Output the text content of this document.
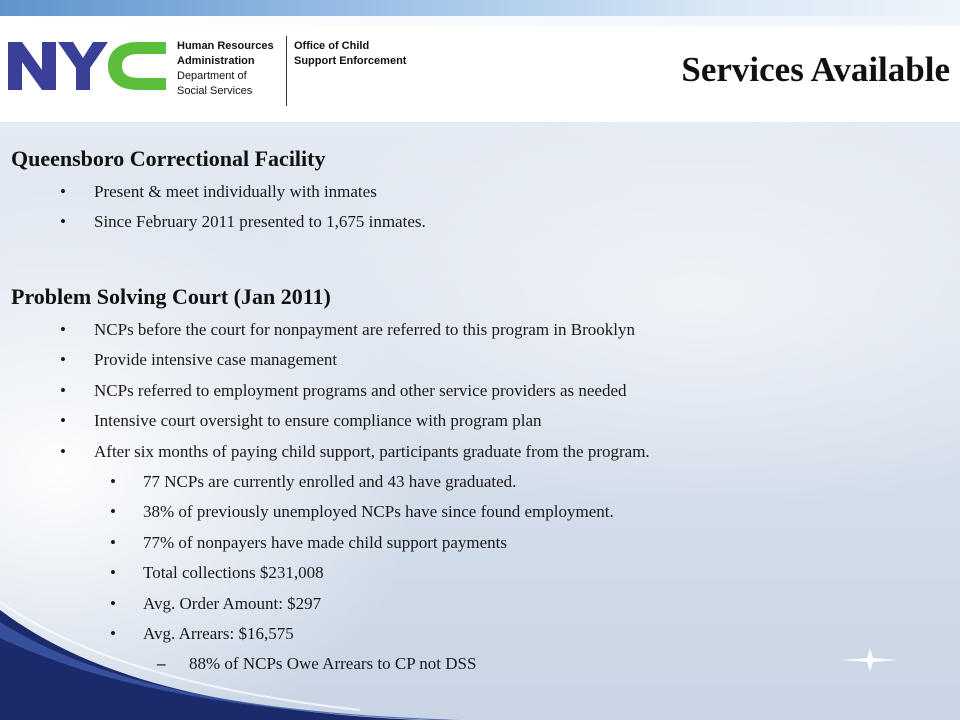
Human Resources
Administration
Department of
Social Services
Office of Child
Support Enforcement	Services Available
Queensboro Correctional Facility
• Present & meet individually with inmates
• Since February 2011 presented to 1,675 inmates.
Problem Solving Court (Jan 2011)
• NCPs before the court for nonpayment are referred to this program in Brooklyn
• Provide intensive case management
• NCPs referred to employment programs and other service providers as needed
• Intensive court oversight to ensure compliance with program plan
• After six months of paying child support, participants graduate from the program.
• 77 NCPs are currently enrolled and 43 have graduated.
• 38% of previously unemployed NCPs have since found employment.
• 77% of nonpayers have made child support payments
• Total collections $231,008
• Avg. Order Amount: $297
• Avg. Arrears: $16,575
– 88% of NCPs Owe Arrears to CP not DSS
